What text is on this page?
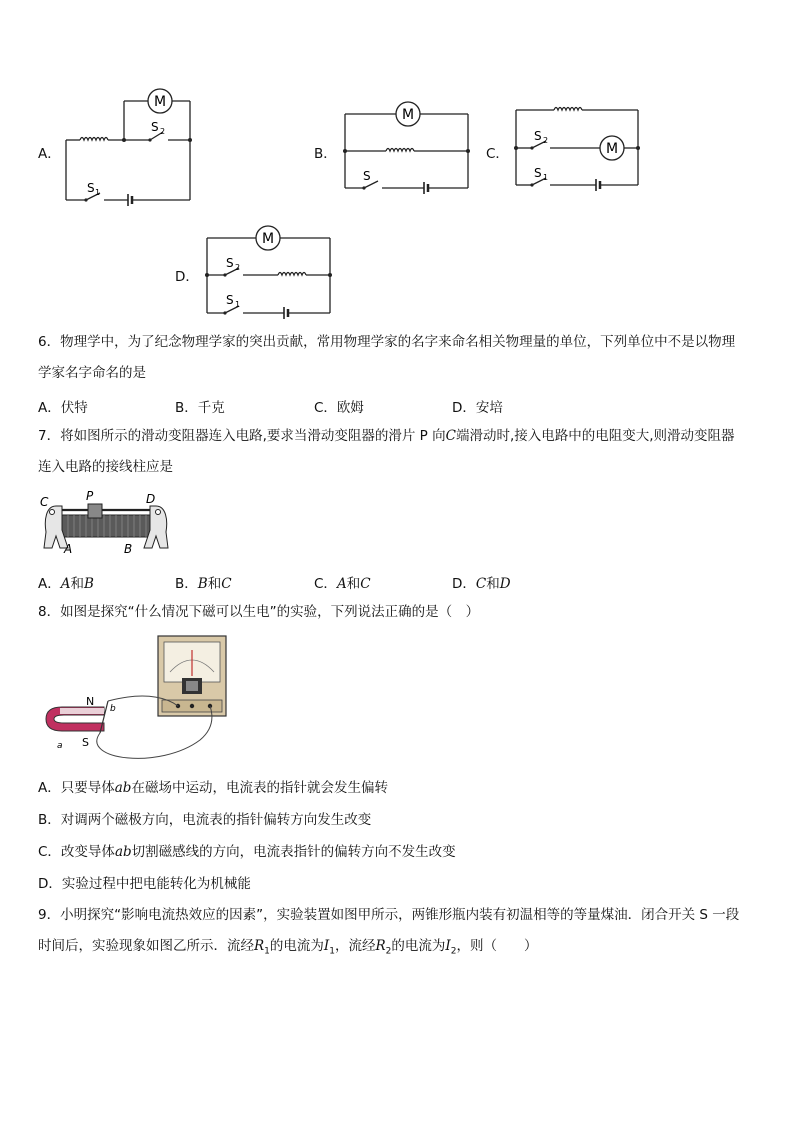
A．
M
S 2
S 1
B．
M
S
C．	M
S 2
S 1
D．
M
S 2
S 1
6．物理学中，为了纪念物理学家的突出贡献，常用物理学家的名字来命名相关物理量的单位，下列单位中不是以物理
学家名字命名的是
A．伏特	B．千克	C．欧姆	D．安培
7．将如图所示的滑动变阻器连入电路,要求当滑动变阻器的滑片 P 向C端滑动时,接入电路中的电阻变大,则滑动变阻器
连入电路的接线柱应是
C	P	D
A	B
A．A和B	B．B和C	C．A和C	D．C和D
8．如图是探究“什么情况下磁可以生电”的实验，下列说法正确的是（　）
N
S
a
b
A．只要导体ab在磁场中运动，电流表的指针就会发生偏转
B．对调两个磁极方向，电流表的指针偏转方向发生改变
C．改变导体ab切割磁感线的方向，电流表指针的偏转方向不发生改变
D．实验过程中把电能转化为机械能
9．小明探究“影响电流热效应的因素”，实验装置如图甲所示，两锥形瓶内装有初温相等的等量煤油．闭合开关 S 一段
时间后，实验现象如图乙所示．流经$R_1$的电流为$I_1$，流经$R_2$的电流为$I_2$，则（　　）
